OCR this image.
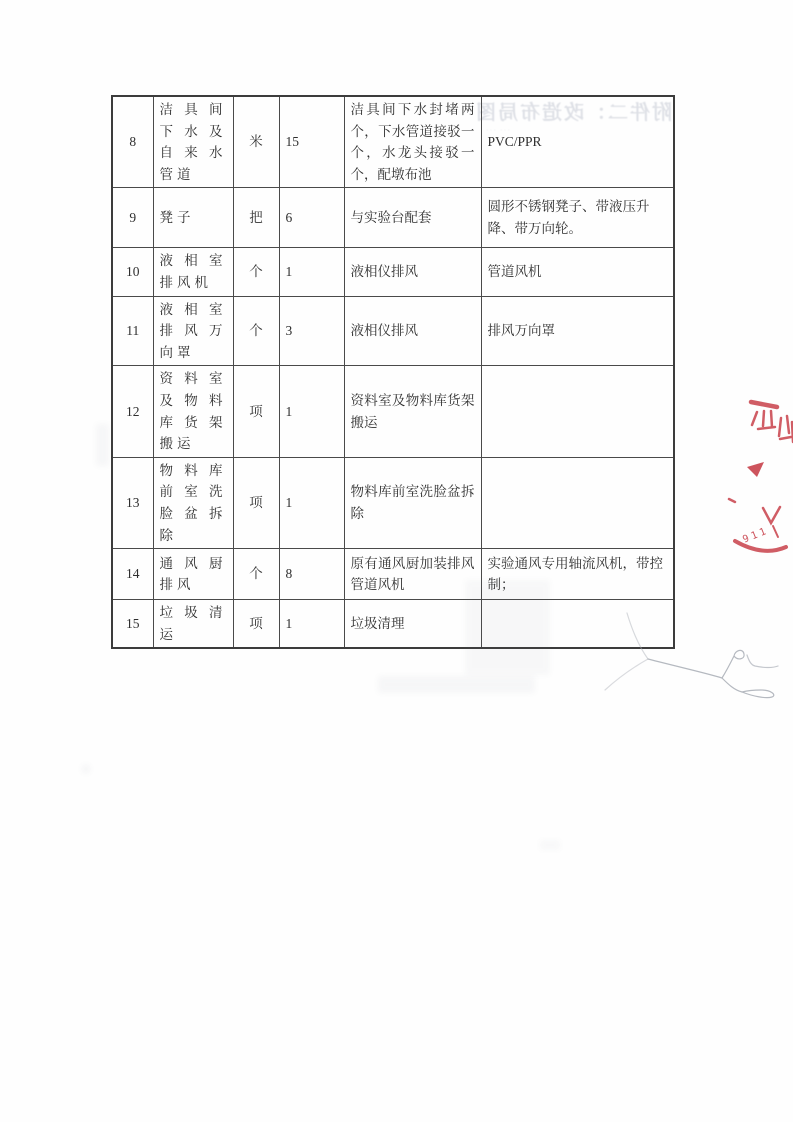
附件二：改造布局图
··· ···
8	洁具间下水及自来水管道	米	15	洁具间下水封堵两个，下水管道接驳一个，水龙头接驳一个，配墩布池	PVC/PPR
9	凳子	把	6	与实验台配套	圆形不锈钢凳子、带液压升降、带万向轮。
10	液相室排风机	个	1	液相仪排风	管道风机
11	液相室排风万向罩	个	3	液相仪排风	排风万向罩
12	资料室及物料库货架搬运	项	1	资料室及物料库货架搬运	
13	物料库前室洗脸盆拆除	项	1	物料库前室洗脸盆拆除	
14	通风厨排风	个	8	原有通风厨加装排风管道风机	实验通风专用轴流风机，带控制；
15	垃圾清运	项	1	垃圾清理	
911
